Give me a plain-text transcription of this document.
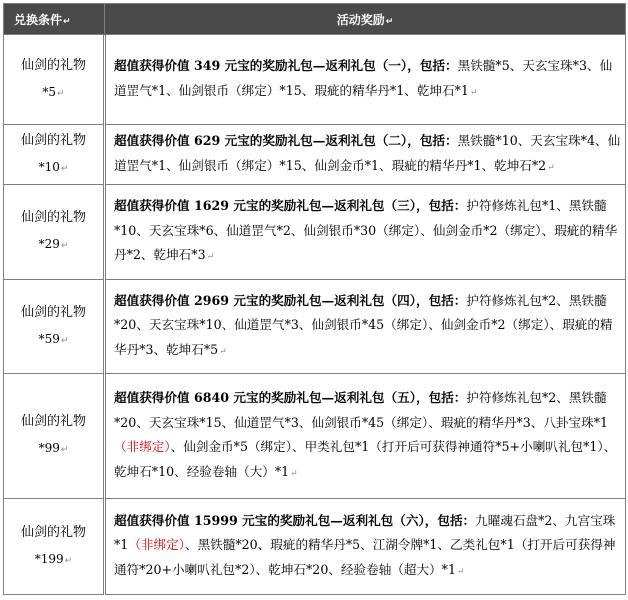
兑换条件↵	活动奖励↵
仙剑的礼物*5↵	超值获得价值 349 元宝的奖励礼包—返利礼包（一），包括：黑铁髓*5、天玄宝珠*3、仙道罡气*1、仙剑银币（绑定）*15、瑕疵的精华丹*1、乾坤石*1↵
仙剑的礼物
*10↵	超值获得价值 629 元宝的奖励礼包—返利礼包（二），包括：黑铁髓*10、天玄宝珠*4、仙道罡气*1、仙剑银币（绑定）*15、仙剑金币*1、瑕疵的精华丹*1、乾坤石*2↵
仙剑的礼物
*29↵	超值获得价值 1629 元宝的奖励礼包—返利礼包（三），包括：护符修炼礼包*1、黑铁髓*10、天玄宝珠*6、仙道罡气*2、仙剑银币*30（绑定）、仙剑金币*2（绑定）、瑕疵的精华丹*2、乾坤石*3↵
仙剑的礼物
*59↵	超值获得价值 2969 元宝的奖励礼包—返利礼包（四），包括：护符修炼礼包*2、黑铁髓*20、天玄宝珠*10、仙道罡气*3、仙剑银币*45（绑定）、仙剑金币*2（绑定）、瑕疵的精华丹*3、乾坤石*5↵
仙剑的礼物
*99↵	超值获得价值 6840 元宝的奖励礼包—返利礼包（五），包括：护符修炼礼包*2、黑铁髓*20、天玄宝珠*15、仙道罡气*3、仙剑银币*45（绑定）、瑕疵的精华丹*3、八卦宝珠*1（非绑定）、仙剑金币*5（绑定）、甲类礼包*1（打开后可获得神通符*5+小喇叭礼包*1）、乾坤石*10、经验卷轴（大）*1↵
仙剑的礼物
*199↵	超值获得价值 15999 元宝的奖励礼包—返利礼包（六），包括：九曜魂石盘*2、九宫宝珠*1（非绑定）、黑铁髓*20、瑕疵的精华丹*5、江湖令牌*1、乙类礼包*1（打开后可获得神通符*20+小喇叭礼包*2）、乾坤石*20、经验卷轴（超大）*1↵
